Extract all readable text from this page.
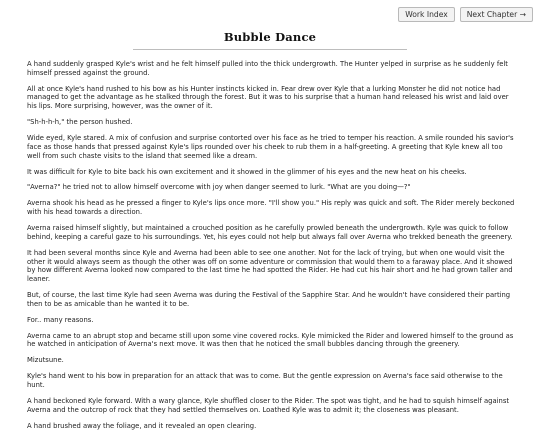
Work Index	Next Chapter →
Bubble Dance

A hand suddenly grasped Kyle's wrist and he felt himself pulled into the thick undergrowth. The Hunter yelped in surprise as he suddenly felt himself pressed against the ground.

All at once Kyle's hand rushed to his bow as his Hunter instincts kicked in. Fear drew over Kyle that a lurking Monster he did not notice had managed to get the advantage as he stalked through the forest. But it was to his surprise that a human hand released his wrist and laid over his lips. More surprising, however, was the owner of it.

"Sh-h-h-h," the person hushed.

Wide eyed, Kyle stared. A mix of confusion and surprise contorted over his face as he tried to temper his reaction. A smile rounded his savior's face as those hands that pressed against Kyle's lips rounded over his cheek to rub them in a half-greeting. A greeting that Kyle knew all too well from such chaste visits to the island that seemed like a dream.

It was difficult for Kyle to bite back his own excitement and it showed in the glimmer of his eyes and the new heat on his cheeks.

"Averna?" he tried not to allow himself overcome with joy when danger seemed to lurk. "What are you doing—?"

Averna shook his head as he pressed a finger to Kyle's lips once more. "I'll show you." His reply was quick and soft. The Rider merely beckoned with his head towards a direction.

Averna raised himself slightly, but maintained a crouched position as he carefully prowled beneath the undergrowth. Kyle was quick to follow behind, keeping a careful gaze to his surroundings. Yet, his eyes could not help but always fall over Averna who trekked beneath the greenery.

It had been several months since Kyle and Averna had been able to see one another. Not for the lack of trying, but when one would visit the other it would always seem as though the other was off on some adventure or commission that would them to a faraway place. And it showed by how different Averna looked now compared to the last time he had spotted the Rider. He had cut his hair short and he had grown taller and leaner.

But, of course, the last time Kyle had seen Averna was during the Festival of the Sapphire Star. And he wouldn't have considered their parting then to be as amicable than he wanted it to be.

For.. many reasons.

Averna came to an abrupt stop and became still upon some vine covered rocks. Kyle mimicked the Rider and lowered himself to the ground as he watched in anticipation of Averna's next move. It was then that he noticed the small bubbles dancing through the greenery.

Mizutsune.

Kyle's hand went to his bow in preparation for an attack that was to come. But the gentle expression on Averna's face said otherwise to the hunt.

A hand beckoned Kyle forward. With a wary glance, Kyle shuffled closer to the Rider. The spot was tight, and he had to squish himself against Averna and the outcrop of rock that they had settled themselves on. Loathed Kyle was to admit it; the closeness was pleasant.

A hand brushed away the foliage, and it revealed an open clearing.
